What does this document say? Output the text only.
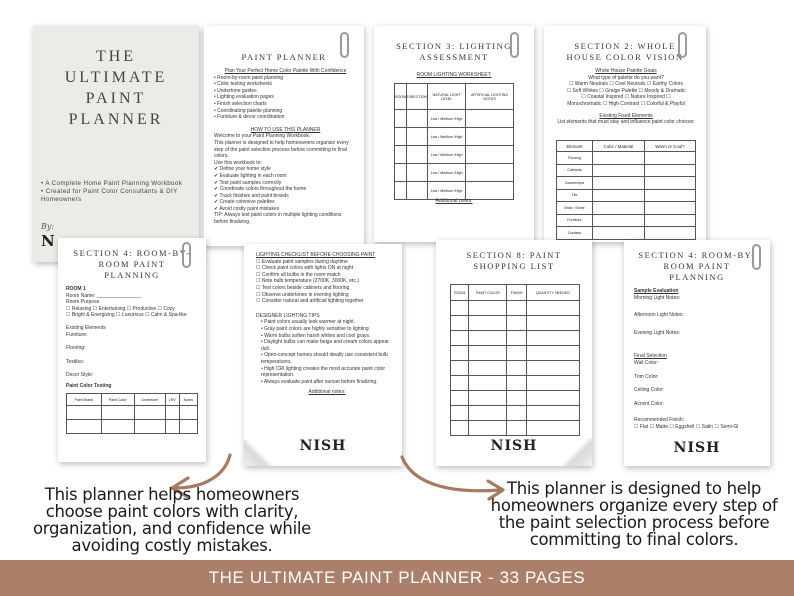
THE
ULTIMATE
PAINT
PLANNER
• A Complete Home Paint Planning Workbook
• Created for Paint Color Consultants & DIY Homeowners
By:
N
PAINT PLANNER
Plan Your Perfect Home Color Palette With Confidence
• Room-by-room paint planning
• Color testing worksheets
• Undertone guides
• Lighting evaluation pages
• Finish selection charts
• Coordinating palette planning
• Furniture & decor coordination
HOW TO USE THIS PLANNER
Welcome to your Paint Planning Workbook.
This planner is designed to help homeowners organize every step of the paint selection process before committing to final colors.
Use this workbook to:
✔ Define your home style
✔ Evaluate lighting in each room
✔ Test paint samples correctly
✔ Coordinate colors throughout the home
✔ Track finishes and paint brands
✔ Create cohesive palettes
✔ Avoid costly paint mistakes
TIP: Always test paint colors in multiple lighting conditions before finalizing.
SECTION 3: LIGHTING
ASSESSMENT
ROOM LIGHTING WORKSHEET:
ROOM	DIRECTION	NATURAL LIGHT LEVEL	ARTIFICIAL LIGHTING NOTES
		Low / Medium /High	
		Low / Medium /High	
		Low / Medium /High	
		Low / Medium /High	
		Low / Medium /High	
Additional notes:
SECTION 2: WHOLE
HOUSE COLOR VISION
Whole House Palette Goals
What type of palette do you want?
☐ Warm Neutrals ☐ Cool Neutrals ☐ Earthy Colors
☐ Soft Whites ☐ Greige Palette ☐ Moody & Dramatic
☐ Coastal Inspired ☐ Nature Inspired ☐
Monochromatic ☐ High Contrast ☐ Colorful & Playful
Existing Fixed Elements
List elements that must stay and influence paint color choices:
Element	Color / Material	Warm or Cool?
Flooring		
Cabinets		
Countertops		
Tile		
Brick / Stone		
Furniture		
Curtains		
SECTION 4: ROOM-BY-
ROOM PAINT
PLANNING
ROOM 1
Room Name: ________________
Room Purpose
☐ Relaxing ☐ Entertaining ☐ Productive ☐ Cozy
☐ Bright & Energizing ☐ Luxurious ☐ Calm & Spa-like
Existing Elements
Furniture:
Flooring:
Textiles:
Decor Style:
Paint Color Testing
Paint Brand	Paint Color	Undertone	LRV	Notes

LIGHTING CHECKLIST BEFORE CHOOSING PAINT
☐ Evaluate paint samples during daytime
☐ Check paint colors with lights ON at night
☐ Confirm all bulbs in the room match
☐ Note bulb temperature (2700K, 3000K, etc.)
☐ Test colors beside cabinets and flooring
☐ Observe undertones in evening lighting
☐ Consider natural and artificial lighting together
DESIGNER LIGHTING TIPS
• Paint colors usually look warmer at night.
• Gray paint colors are highly sensitive to lighting.
• Warm bulbs soften harsh whites and cool grays.
• Daylight bulbs can make beige and cream colors appear dull.
• Open-concept homes should ideally use consistent bulb temperatures.
• High CRI lighting creates the most accurate paint color representation.
• Always evaluate paint after sunset before finalizing.
Additional notes:
NISH
SECTION 8: PAINT
SHOPPING LIST
ROOM	PAINT COLOR	FINISH	QUANTITY NEEDED

NISH
SECTION 4: ROOM-BY-
ROOM PAINT
PLANNING
Sample Evaluation
Morning Light Notes:
Afternoon Light Notes:
Evening Light Notes:
Final Selection
Wall Color:
Trim Color:
Ceiling Color:
Accent Color:
Recommended Finish:
☐ Flat ☐ Matte ☐ Eggshell ☐ Satin ☐ Semi-Gl
NISH
This planner helps homeowners
choose paint colors with clarity,
organization, and confidence while
avoiding costly mistakes.
This planner is designed to help
homeowners organize every step of
the paint selection process before
committing to final colors.
THE ULTIMATE PAINT PLANNER - 33 PAGES
